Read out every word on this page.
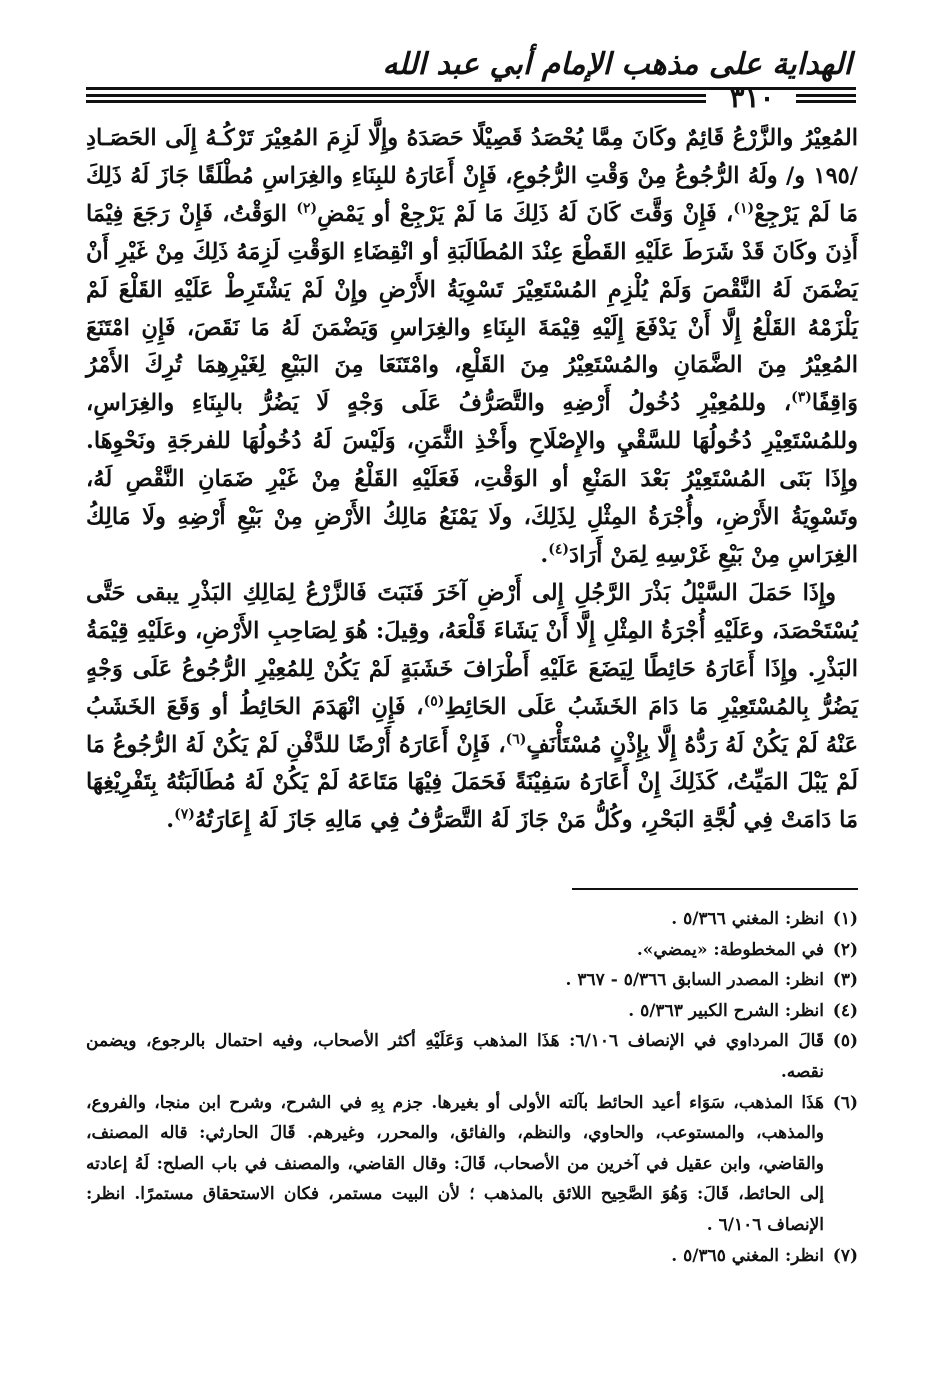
الهداية على مذهب الإمام أبي عبد الله
٣١٠

المُعِيْرُ والزَّرْعُ قَائِمٌ وكَانَ مِمَّا يُحْصَدُ قَصِيْلًا حَصَدَهُ وإِلَّا لَزِمَ المُعِيْرَ تَرْكُـهُ إِلَى الحَصَـادِ /١٩٥ و/ ولَهُ الرُّجُوعُ مِنْ وَقْتِ الرُّجُوعِ، فَإِنْ أَعَارَهُ للبِنَاءِ والغِرَاسِ مُطْلَقًا جَازَ لَهُ ذَلِكَ مَا لَمْ يَرْجِعْ$^{(١)}$، فَإِنْ وَقَّتَ كَانَ لَهُ ذَلِكَ مَا لَمْ يَرْجِعْ أو يَمْضِ$^{(٢)}$ الوَقْتُ، فَإِنْ رَجَعَ فِيْمَا أَذِنَ وكَانَ قَدْ شَرَطَ عَلَيْهِ القَطْعَ عِنْدَ المُطَالَبَةِ أو انْقِضَاءِ الوَقْتِ لَزِمَهُ ذَلِكَ مِنْ غَيْرِ أَنْ يَضْمَنَ لَهُ النَّقْصَ وَلَمْ يُلْزِمِ المُسْتَعِيْرَ تَسْوِيَةُ الأَرْضِ وإِنْ لَمْ يَشْتَرِطْ عَلَيْهِ القَلْعَ لَمْ يَلْزَمْهُ القَلْعُ إِلَّا أَنْ يَدْفَعَ إِلَيْهِ قِيْمَةَ البِنَاءِ والغِرَاسِ وَيَضْمَنَ لَهُ مَا نَقَصَ، فَإِنِ امْتَنَعَ المُعِيْرُ مِنَ الضَّمَانِ والمُسْتَعِيْرُ مِنَ القَلْعِ، وامْتَنَعَا مِنَ البَيْعِ لِغَيْرِهِمَا تُرِكَ الأَمْرُ وَاقِفًا$^{(٣)}$، وللمُعِيْرِ دُخُولُ أَرْضِهِ والتَّصَرُّفُ عَلَى وَجْهٍ لَا يَضُرُّ بالبِنَاءِ والغِرَاسِ، وللمُسْتَعِيْرِ دُخُولُهَا للسَّقْيِ والإِصْلَاحِ وأَخْذِ الثَّمَنِ، وَلَيْسَ لَهُ دُخُولُهَا للفرجَةِ ونَحْوِهَا. وإِذَا بَنَى المُسْتَعِيْرُ بَعْدَ المَنْعِ أو الوَقْتِ، فَعَلَيْهِ القَلْعُ مِنْ غَيْرِ ضَمَانِ النَّقْصِ لَهُ، وتَسْوِيَةُ الأَرْضِ، وأُجْرَةُ المِثْلِ لِذَلِكَ، ولَا يَمْنَعُ مَالِكُ الأَرْضِ مِنْ بَيْعِ أَرْضِهِ ولَا مَالِكُ الغِرَاسِ مِنْ بَيْعِ غَرْسِهِ لِمَنْ أَرَادَ$^{(٤)}$.

وإِذَا حَمَلَ السَّيْلُ بَذْرَ الرَّجُلِ إِلى أَرْضِ آخَرَ فَنَبَتَ فَالزَّرْعُ لِمَالِكِ البَذْرِ يبقى حَتَّى يُسْتَحْصَدَ، وعَلَيْهِ أُجْرَةُ المِثْلِ إِلَّا أَنْ يَشَاءَ قَلْعَهُ، وقِيلَ: هُوَ لِصَاحِبِ الأَرْضِ، وعَلَيْهِ قِيْمَةُ البَذْرِ. وإِذَا أَعَارَهُ حَائِطًا لِيَضَعَ عَلَيْهِ أَطْرَافَ خَشَبَةٍ لَمْ يَكُنْ لِلمُعِيْرِ الرُّجُوعُ عَلَى وَجْهٍ يَضُرُّ بِالمُسْتَعِيْرِ مَا دَامَ الخَشَبُ عَلَى الحَائِطِ$^{(٥)}$، فَإِنِ انْهَدَمَ الحَائِطُ أو وَقَعَ الخَشَبُ عَنْهُ لَمْ يَكُنْ لَهُ رَدُّهُ إِلَّا بِإِذْنٍ مُسْتَأْنَفٍ$^{(٦)}$، فَإِنْ أَعَارَهُ أَرْضًا للدَّفْنِ لَمْ يَكُنْ لَهُ الرُّجُوعُ مَا لَمْ يَبْلَ المَيِّتُ، كَذَلِكَ إِنْ أَعَارَهُ سَفِيْنَةً فَحَمَلَ فِيْهَا مَتَاعَهُ لَمْ يَكُنْ لَهُ مُطَالَبَتُهُ بِتَفْرِيْغِهَا مَا دَامَتْ فِي لُجَّةِ البَحْرِ، وكُلُّ مَنْ جَازَ لَهُ التَّصَرُّفُ فِي مَالِهِ جَازَ لَهُ إِعَارَتُهُ$^{(٧)}$.

(١)
انظر: المغني ٥/٣٦٦ .
(٢)
في المخطوطة: «يمضي».
(٣)
انظر: المصدر السابق ٥/٣٦٦ - ٣٦٧ .
(٤)
انظر: الشرح الكبير ٥/٣٦٣ .
(٥)
قَالَ المرداوي في الإنصاف ٦/١٠٦: هَذَا المذهب وَعَلَيْهِ أكثر الأصحاب، وفيه احتمال بالرجوع، ويضمن نقصه.
(٦)
هَذَا المذهب، سَوَاء أعيد الحائط بآلته الأولى أو بغيرها. جزم بِهِ في الشرح، وشرح ابن منجا، والفروع، والمذهب، والمستوعب، والحاوي، والنظم، والفائق، والمحرر، وغيرهم. قَالَ الحارثي: قاله المصنف، والقاضي، وابن عقيل في آخرين من الأصحاب، قَالَ: وقال القاضي، والمصنف في باب الصلح: لَهُ إعادته إلى الحائط، قَالَ: وَهُوَ الصَّحِيح اللائق بالمذهب ؛ لأن البيت مستمر، فكان الاستحقاق مستمرًا. انظر: الإنصاف ٦/١٠٦ .
(٧)
انظر: المغني ٥/٣٦٥ .
